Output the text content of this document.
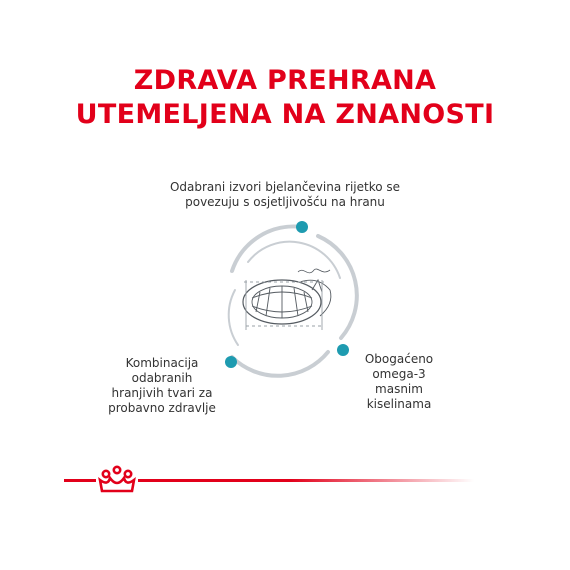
ZDRAVA PREHRANA
UTEMELJENA NA ZNANOSTI
Odabrani izvori bjelančevina rijetko se povezuju s osjetljivošću na hranu
Kombinacija odabranih hranjivih tvari za probavno zdravlje
Obogaćeno omega-3 masnim kiselinama
